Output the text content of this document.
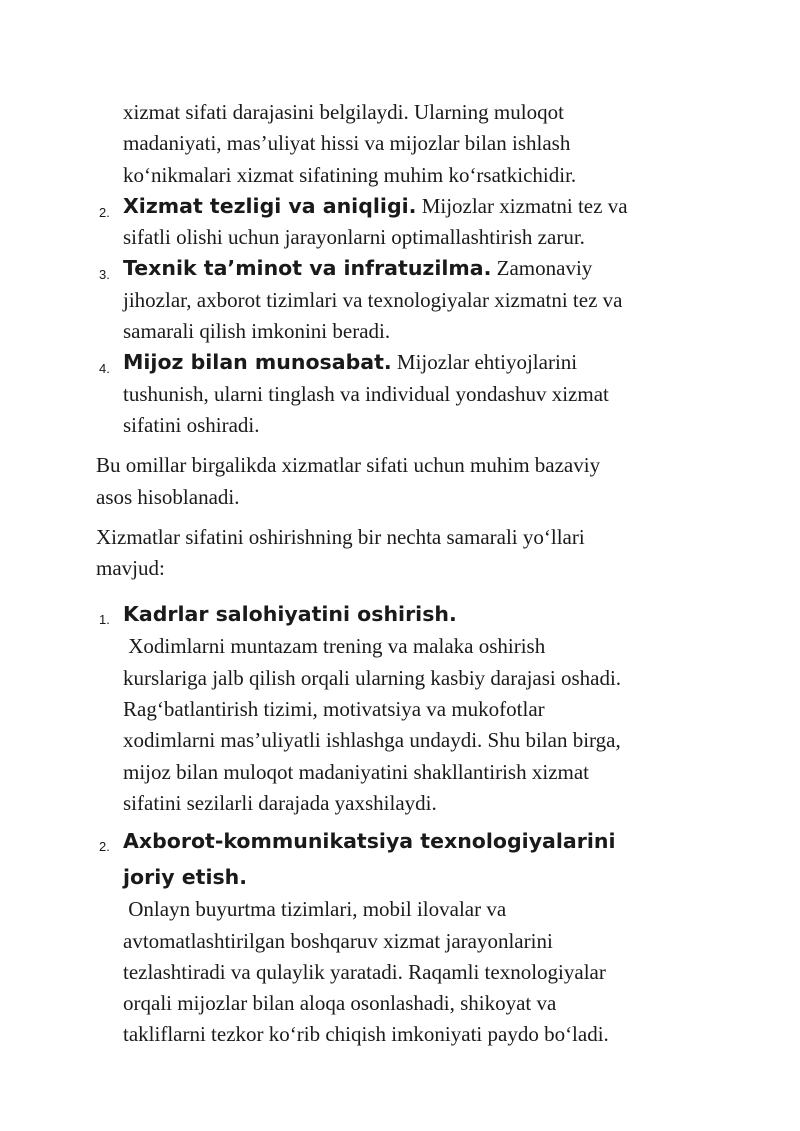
xizmat sifati darajasini belgilaydi. Ularning muloqot
madaniyati, mas’uliyat hissi va mijozlar bilan ishlash
ko‘nikmalari xizmat sifatining muhim ko‘rsatkichidir.
2. Xizmat tezligi va aniqligi. Mijozlar xizmatni tez va
sifatli olishi uchun jarayonlarni optimallashtirish zarur.
3. Texnik ta’minot va infratuzilma. Zamonaviy
jihozlar, axborot tizimlari va texnologiyalar xizmatni tez va
samarali qilish imkonini beradi.
4. Mijoz bilan munosabat. Mijozlar ehtiyojlarini
tushunish, ularni tinglash va individual yondashuv xizmat
sifatini oshiradi.
Bu omillar birgalikda xizmatlar sifati uchun muhim bazaviy
asos hisoblanadi.
Xizmatlar sifatini oshirishning bir nechta samarali yo‘llari
mavjud:
1. Kadrlar salohiyatini oshirish.
Xodimlarni muntazam trening va malaka oshirish
kurslariga jalb qilish orqali ularning kasbiy darajasi oshadi.
Rag‘batlantirish tizimi, motivatsiya va mukofotlar
xodimlarni mas’uliyatli ishlashga undaydi. Shu bilan birga,
mijoz bilan muloqot madaniyatini shakllantirish xizmat
sifatini sezilarli darajada yaxshilaydi.
2. Axborot-kommunikatsiya texnologiyalarini
joriy etish.
Onlayn buyurtma tizimlari, mobil ilovalar va
avtomatlashtirilgan boshqaruv xizmat jarayonlarini
tezlashtiradi va qulaylik yaratadi. Raqamli texnologiyalar
orqali mijozlar bilan aloqa osonlashadi, shikoyat va
takliflarni tezkor ko‘rib chiqish imkoniyati paydo bo‘ladi.
